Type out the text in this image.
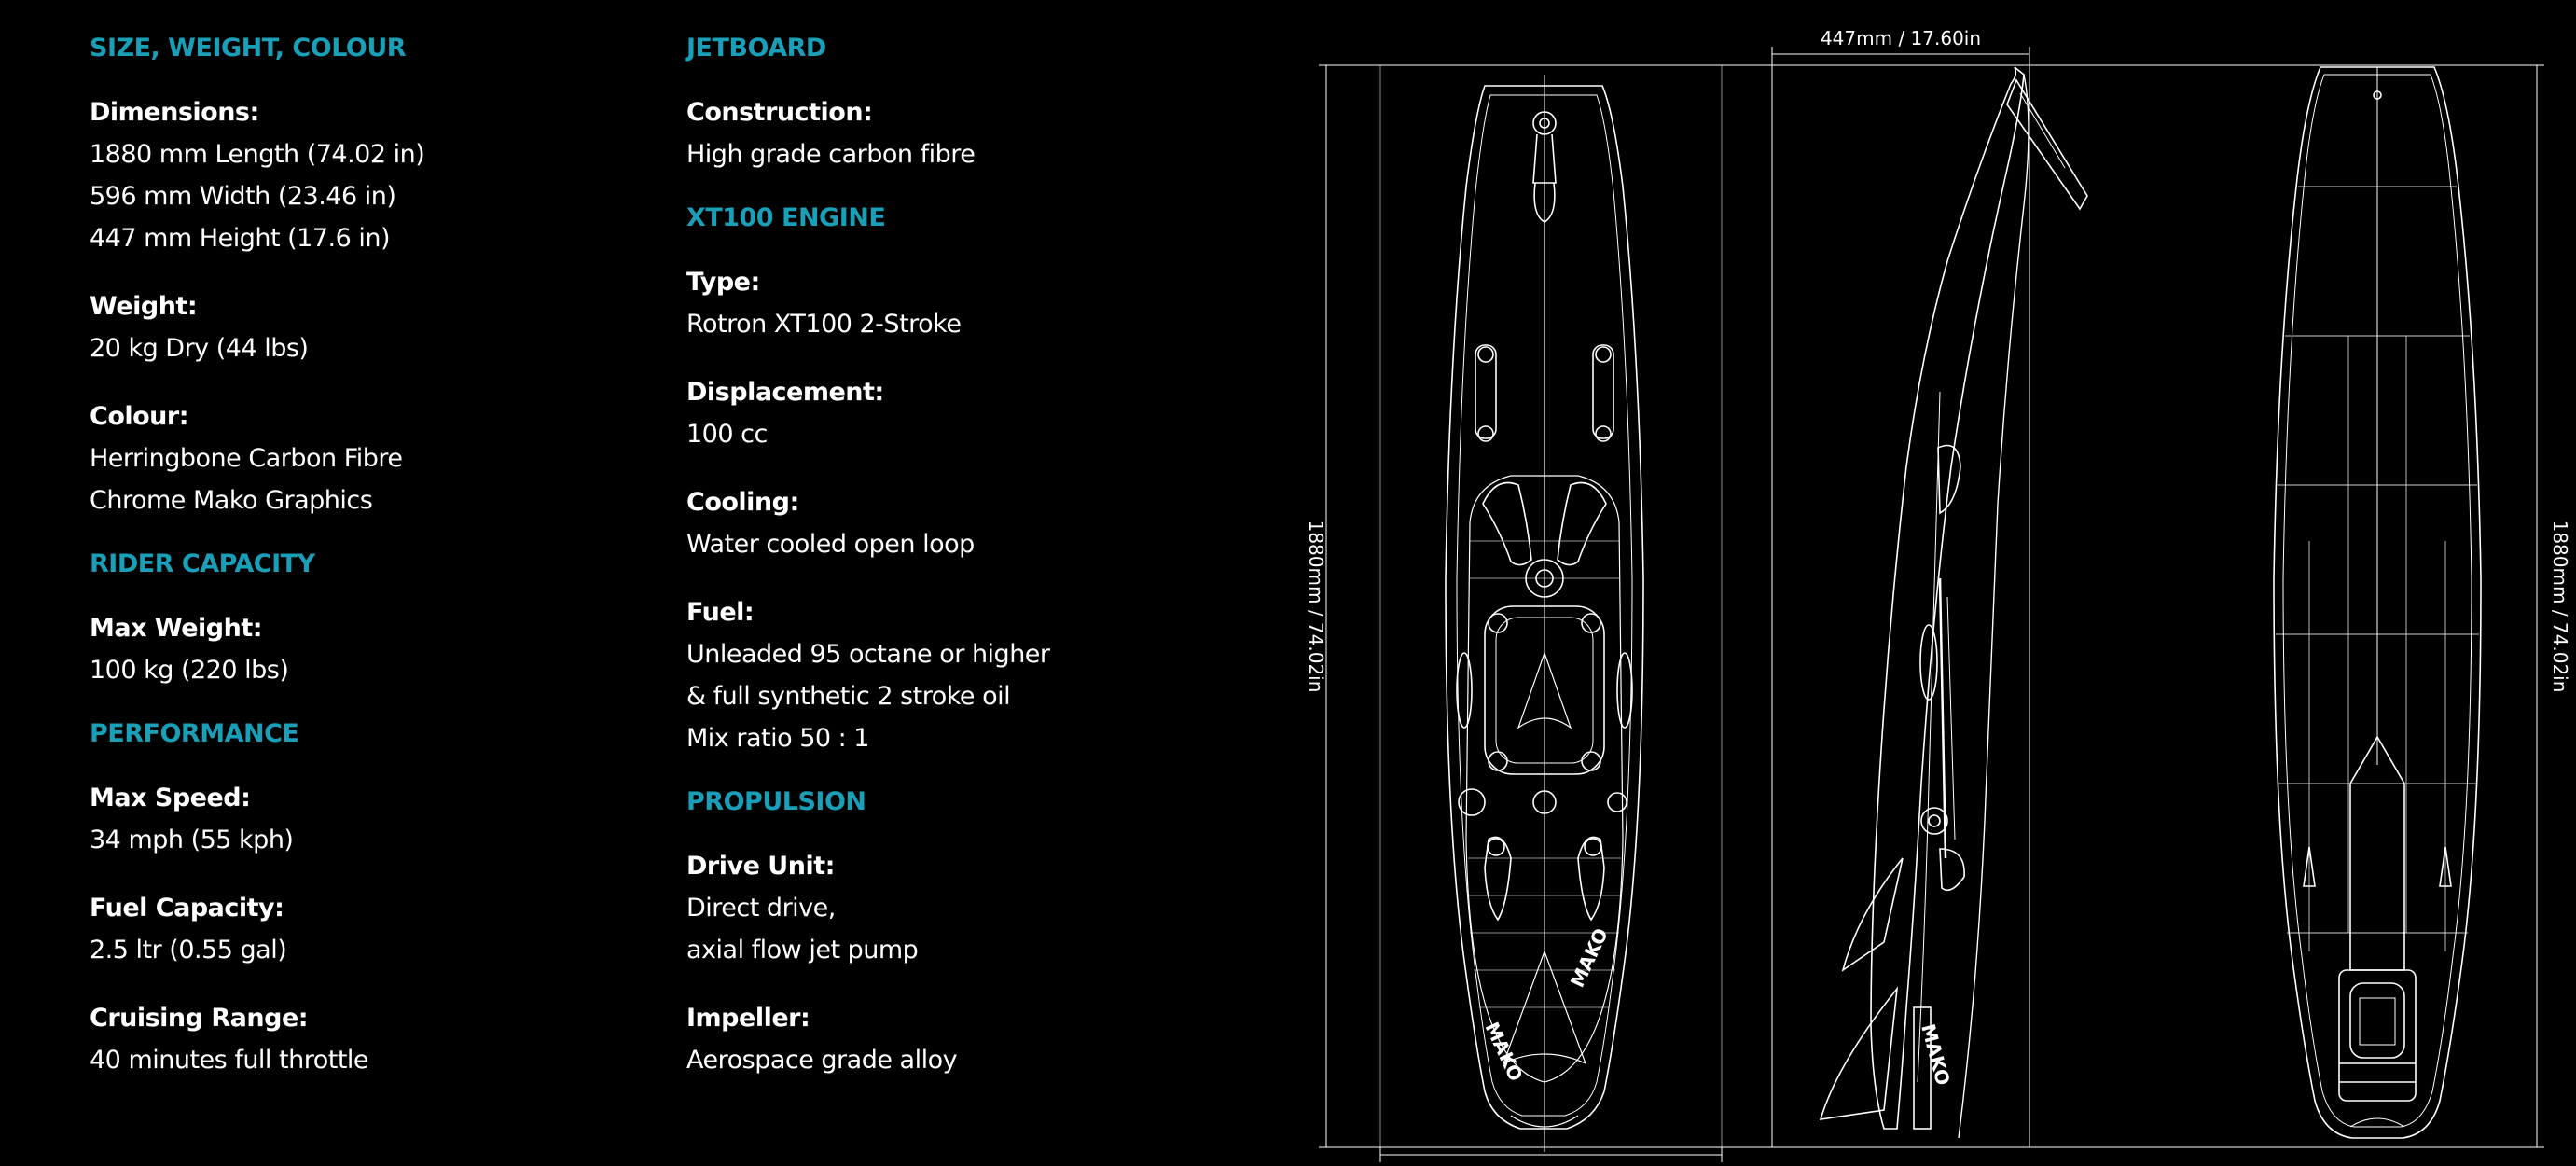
SIZE, WEIGHT, COLOUR
Dimensions:
1880 mm Length (74.02 in)
596 mm Width (23.46 in)
447 mm Height (17.6 in)
Weight:
20 kg Dry (44 lbs)
Colour:
Herringbone Carbon Fibre
Chrome Mako Graphics
RIDER CAPACITY
Max Weight:
100 kg (220 lbs)
PERFORMANCE
Max Speed:
34 mph (55 kph)
Fuel Capacity:
2.5 ltr (0.55 gal)
Cruising Range:
40 minutes full throttle
JETBOARD
Construction:
High grade carbon fibre
XT100 ENGINE
Type:
Rotron XT100 2-Stroke
Displacement:
100 cc
Cooling:
Water cooled open loop
Fuel:
Unleaded 95 octane or higher
& full synthetic 2 stroke oil
Mix ratio 50 : 1
PROPULSION
Drive Unit:
Direct drive,
axial flow jet pump
Impeller:
Aerospace grade alloy	MAKO
MAKO
MAKO
447mm / 17.60in
1880mm / 74.02in	1880mm / 74.02in
